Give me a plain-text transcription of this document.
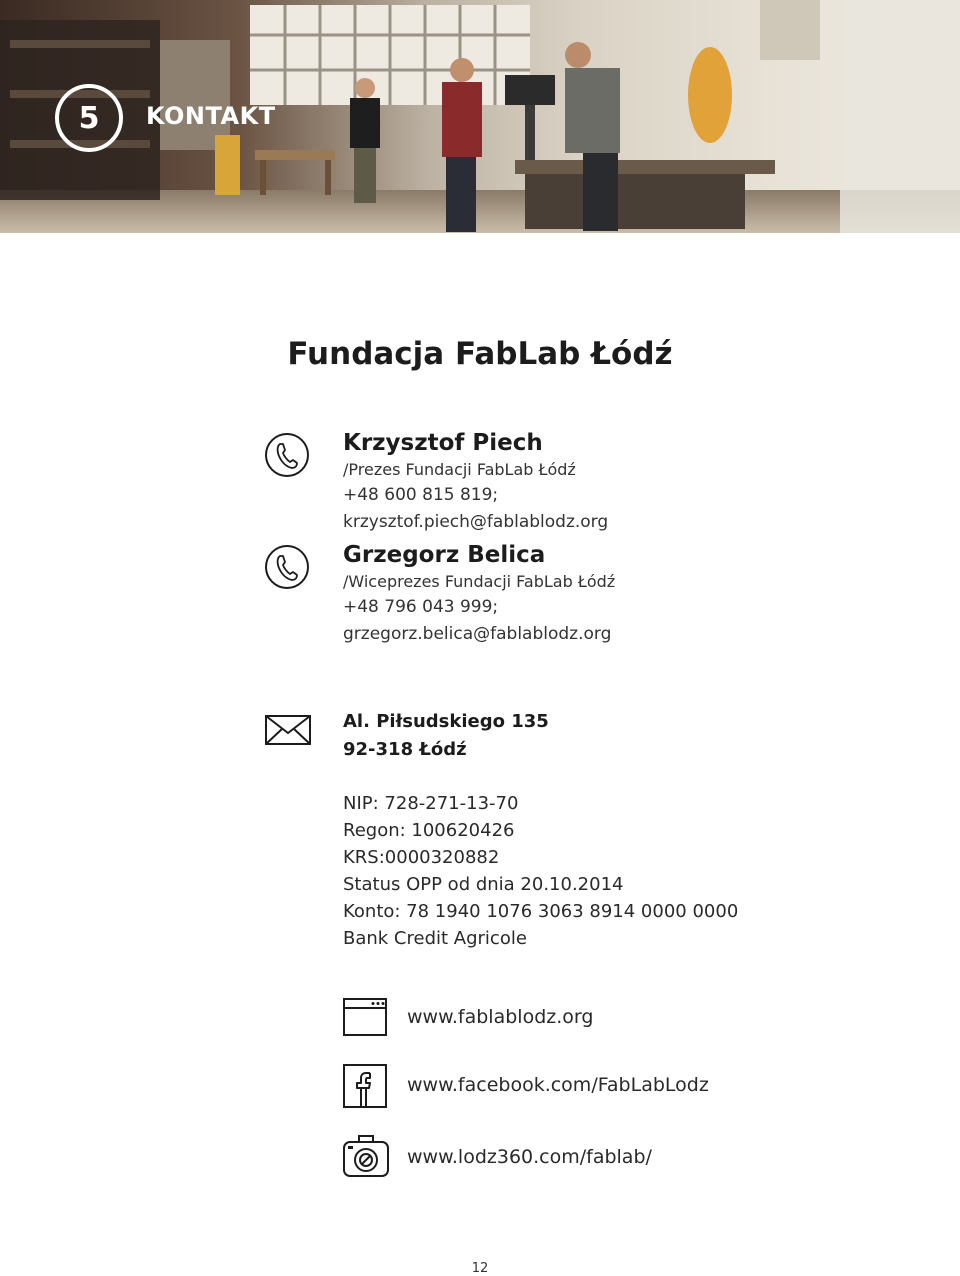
5 KONTAKT
Fundacja FabLab Łódź
Krzysztof Piech
/Prezes Fundacji FabLab Łódź
+48 600 815 819;
krzysztof.piech@fablablodz.org
Grzegorz Belica
/Wiceprezes Fundacji FabLab Łódź
+48 796 043 999;
grzegorz.belica@fablablodz.org
Al. Piłsudskiego 135
92-318 Łódź
NIP: 728-271-13-70
Regon: 100620426
KRS:0000320882
Status OPP od dnia 20.10.2014
Konto: 78 1940 1076 3063 8914 0000 0000
Bank Credit Agricole
www.fablablodz.org
www.facebook.com/FabLabLodz
www.lodz360.com/fablab/
12
